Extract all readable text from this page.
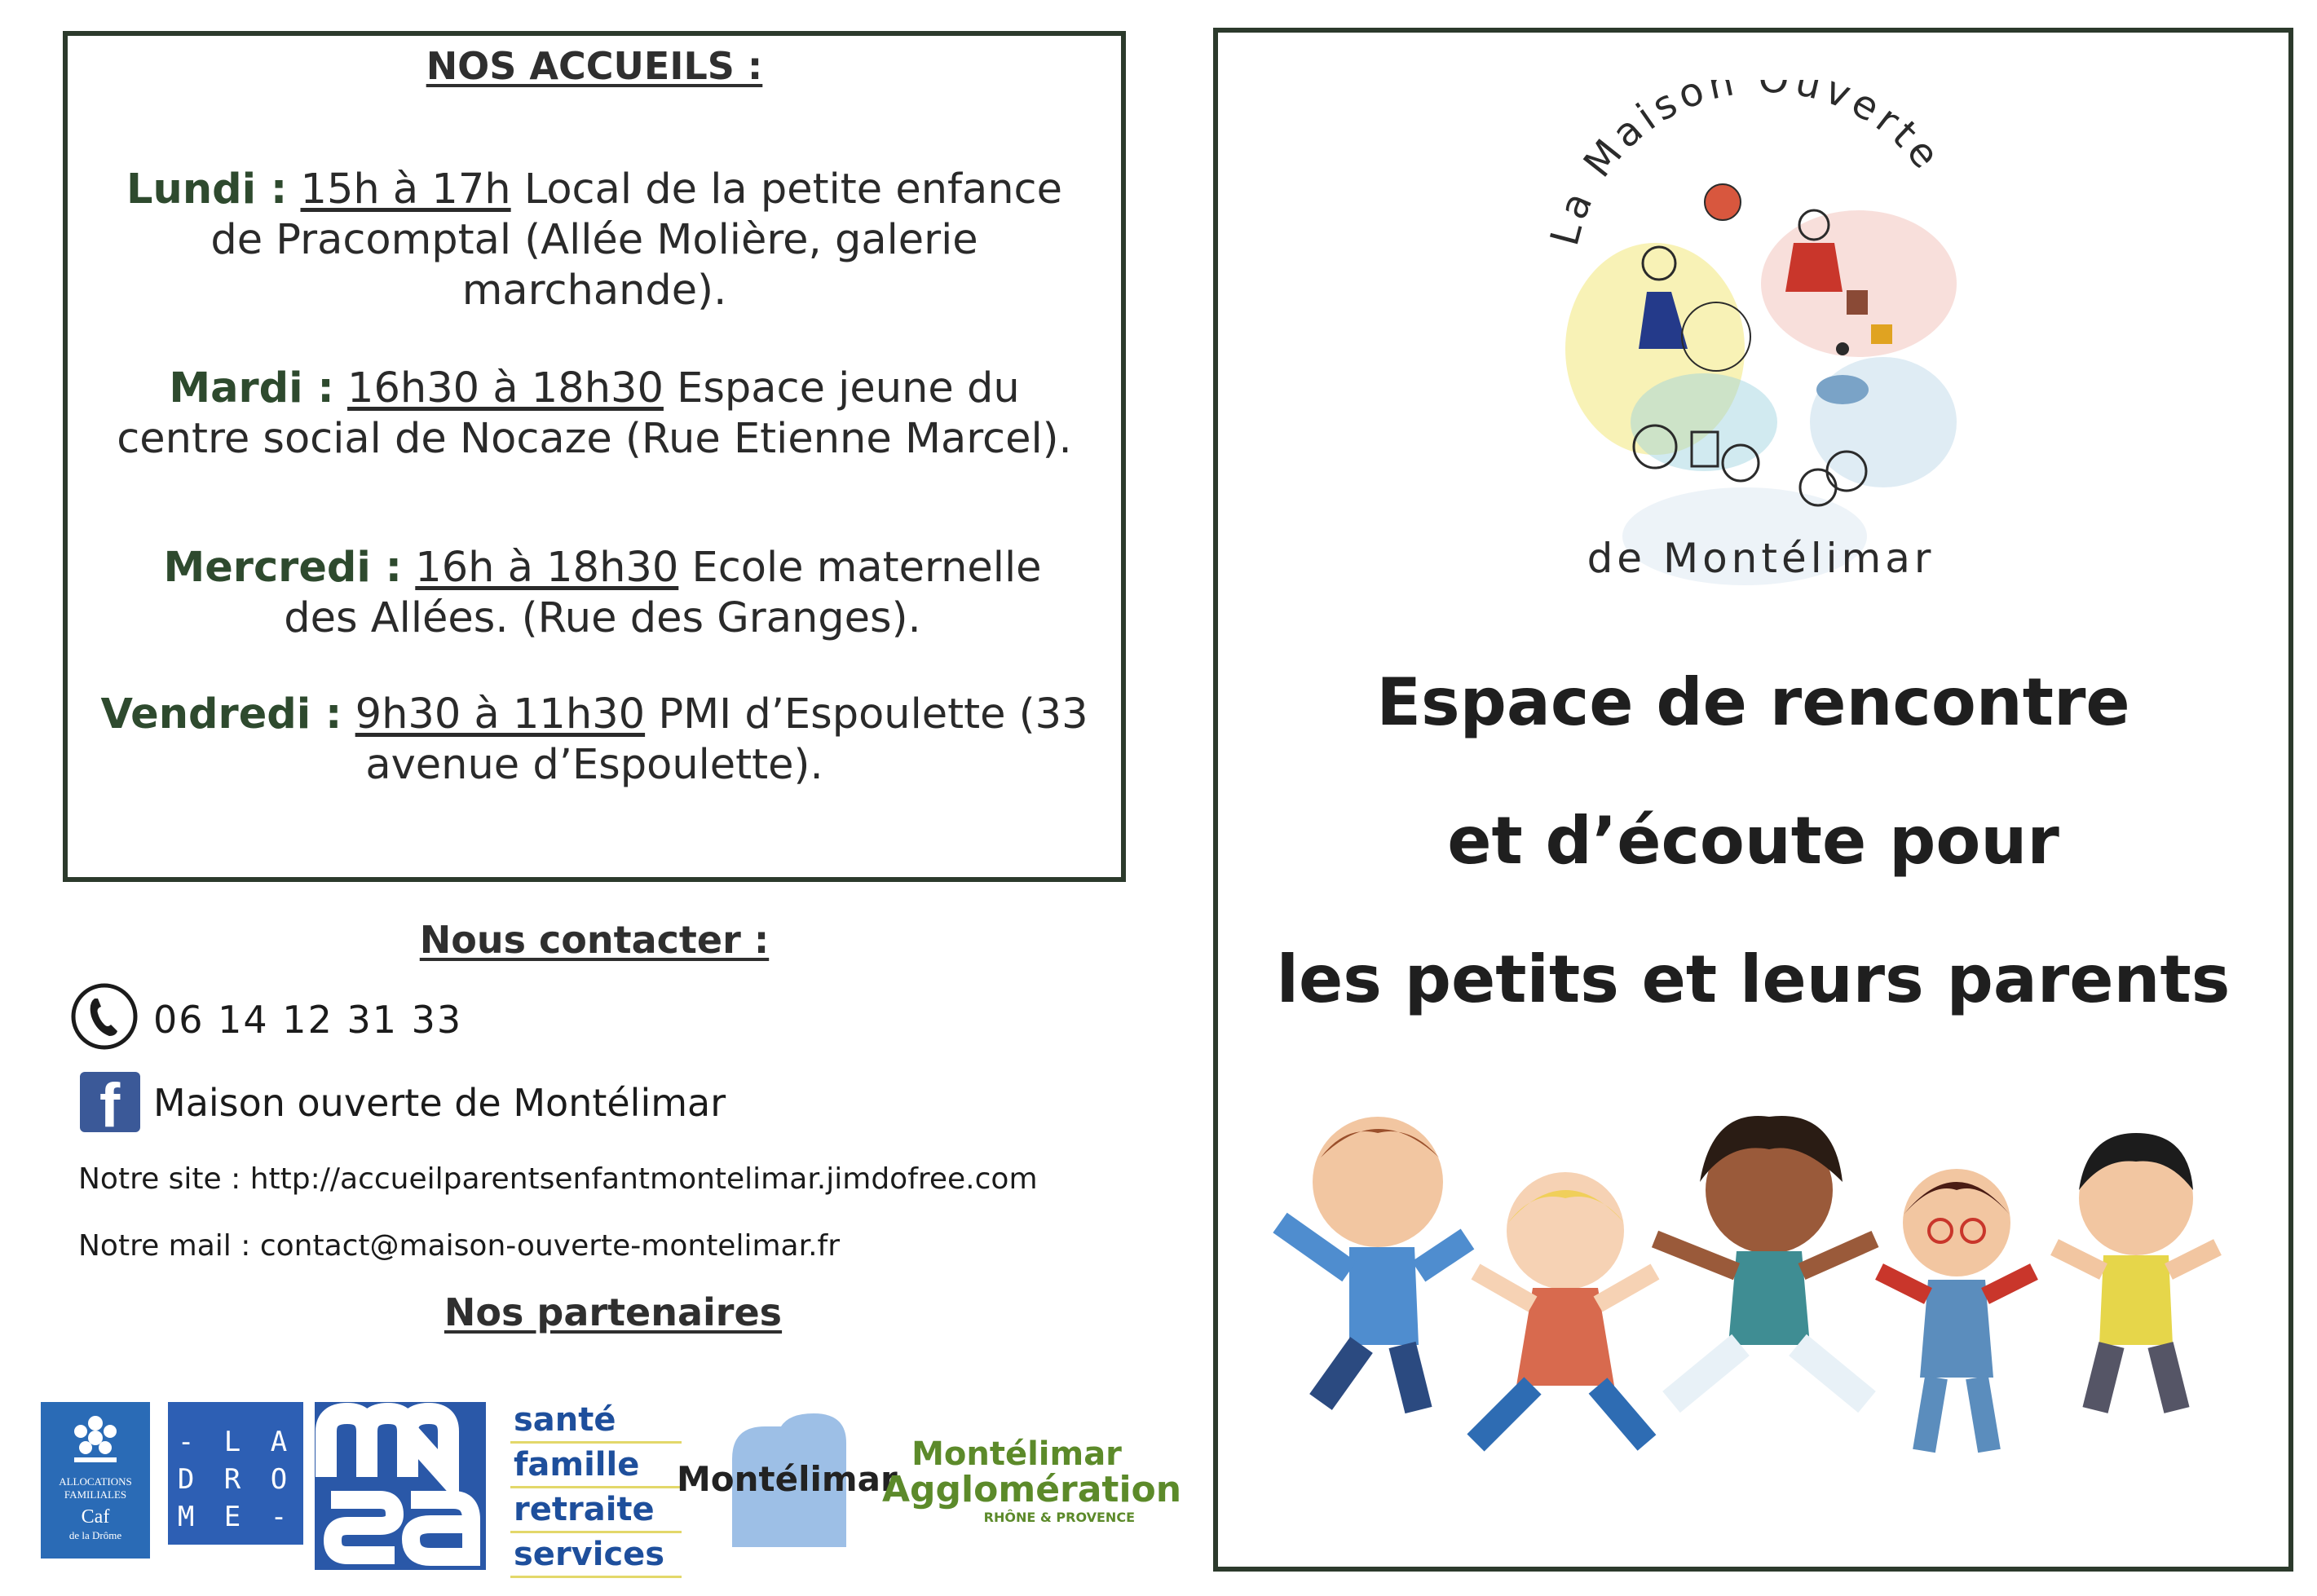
NOS ACCUEILS :
Lundi : 15h à 17h Local de la petite enfance de Pracomptal (Allée Molière, galerie marchande).
Mardi : 16h30 à 18h30 Espace jeune du centre social de Nocaze (Rue Etienne Marcel).
Mercredi : 16h à 18h30 Ecole maternelle des Allées. (Rue des Granges).
Vendredi : 9h30 à 11h30 PMI d’Espoulette (33 avenue d’Espoulette).
Nous contacter :
06 14 12 31 33
f Maison ouverte de Montélimar
Notre site : http://accueilparentsenfantmontelimar.jimdofree.com
Notre mail : contact@maison-ouverte-montelimar.fr
Nos partenaires
ALLOCATIONS
FAMILIALES
Caf
de la Drôme
- L A
D R O
M E -
santé
famille
retraite
services
Montélimar
Montélimar
Agglomération
RHÔNE & PROVENCE
La Maison uverte
de Montélimar
Espace de rencontre
et d’écoute pour
les petits et leurs parents
